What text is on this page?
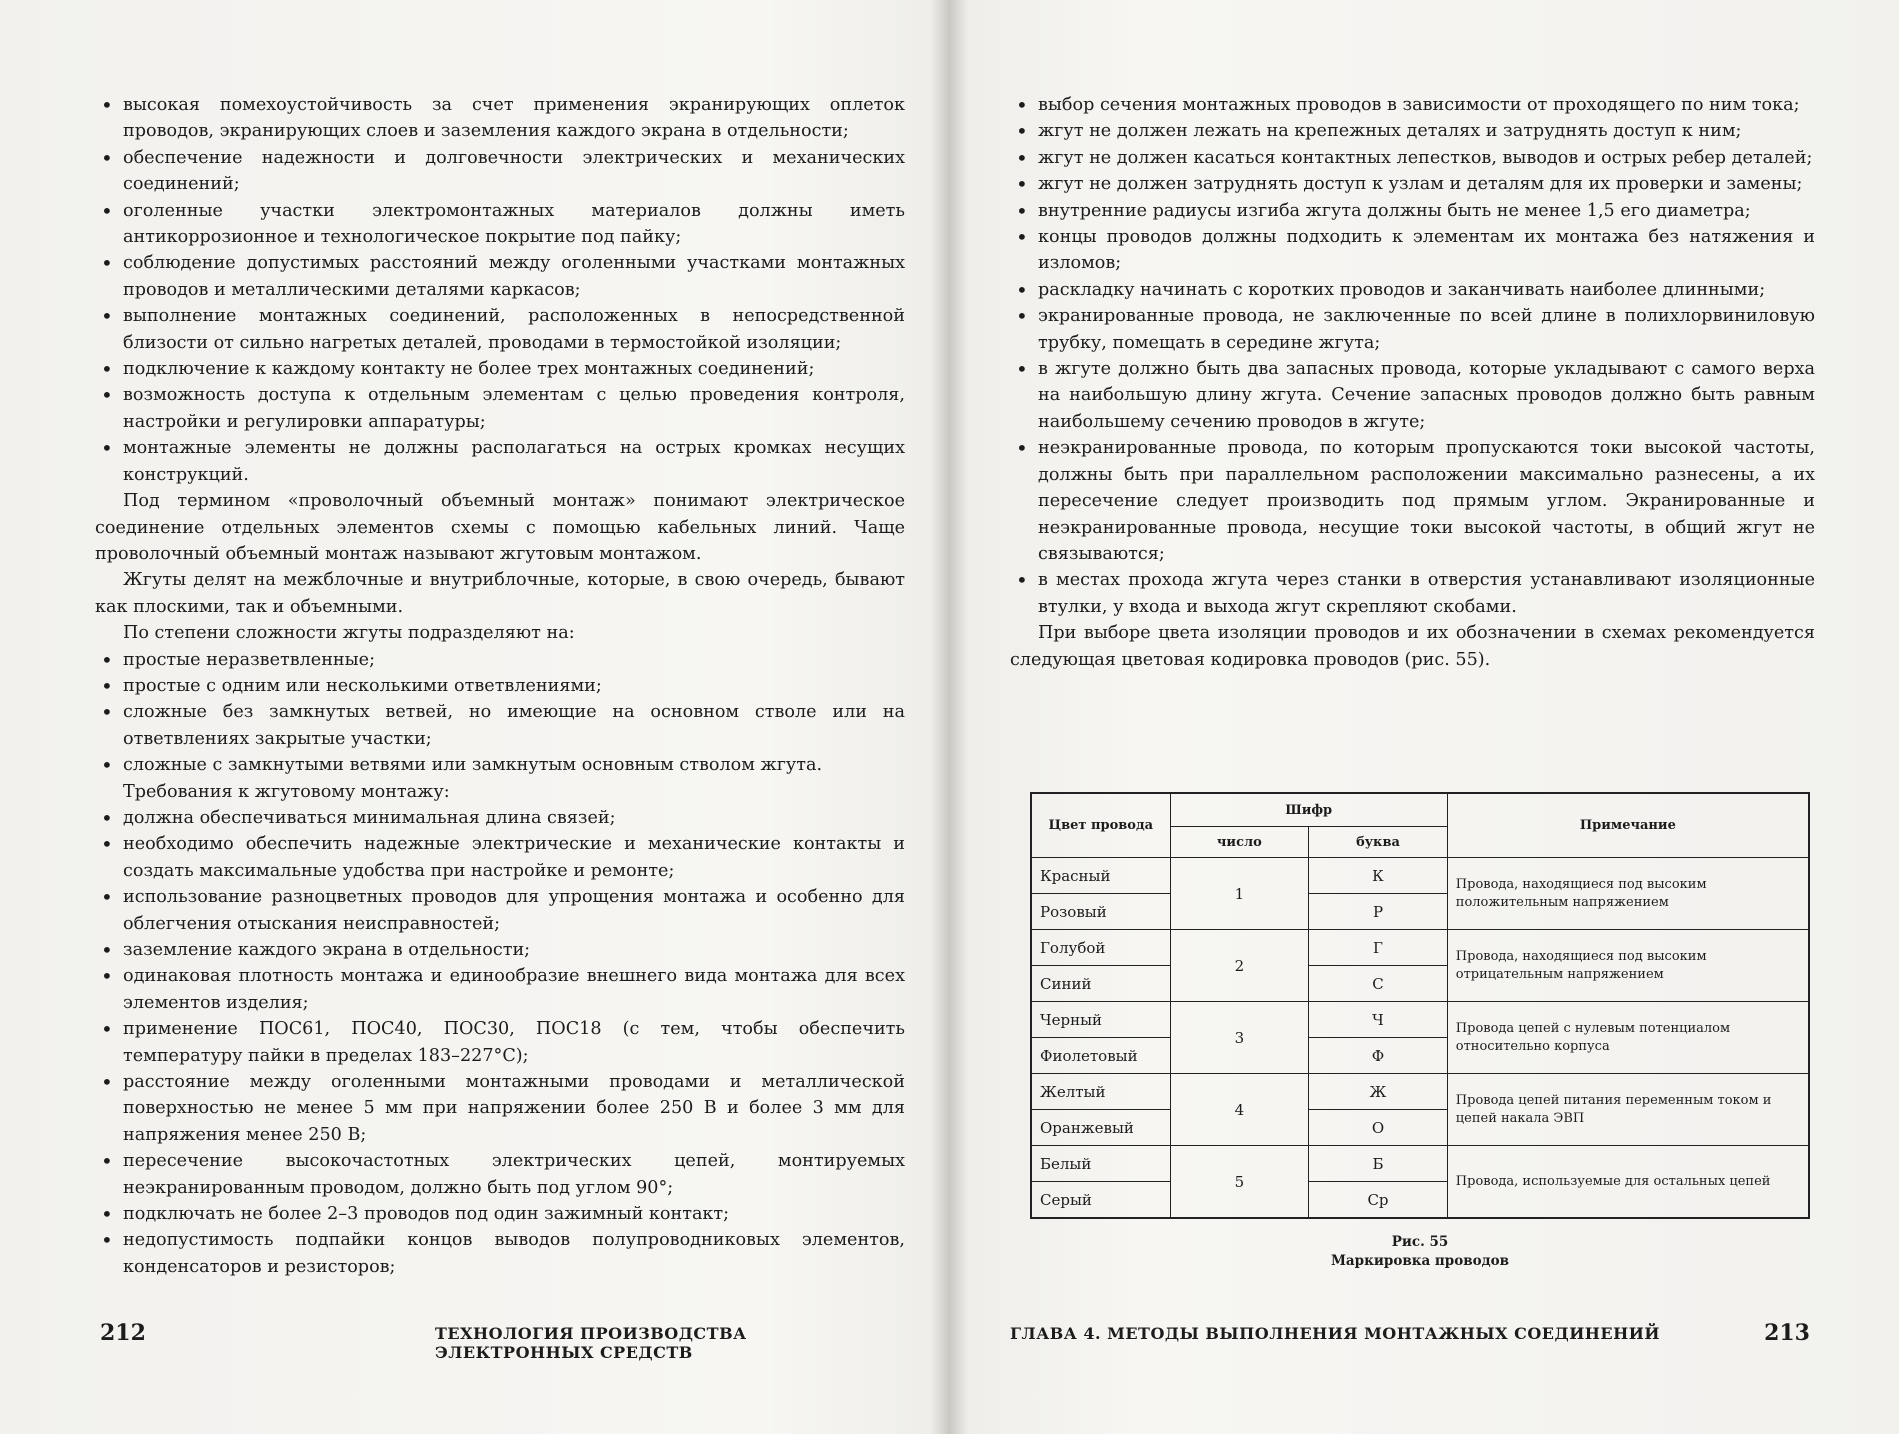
• высокая помехоустойчивость за счет применения экранирующих оплеток проводов, экранирующих слоев и заземления каждого экрана в отдельности;
• обеспечение надежности и долговечности электрических и механических соединений;
• оголенные участки электромонтажных материалов должны иметь антикоррозионное и технологическое покрытие под пайку;
• соблюдение допустимых расстояний между оголенными участками монтажных проводов и металлическими деталями каркасов;
• выполнение монтажных соединений, расположенных в непосредственной близости от сильно нагретых деталей, проводами в термостойкой изоляции;
• подключение к каждому контакту не более трех монтажных соединений;
• возможность доступа к отдельным элементам с целью проведения контроля, настройки и регулировки аппаратуры;
• монтажные элементы не должны располагаться на острых кромках несущих конструкций.
Под термином «проволочный объемный монтаж» понимают электрическое соединение отдельных элементов схемы с помощью кабельных линий. Чаще проволочный объемный монтаж называют жгутовым монтажом.
Жгуты делят на межблочные и внутриблочные, которые, в свою очередь, бывают как плоскими, так и объемными.
По степени сложности жгуты подразделяют на:
• простые неразветвленные;
• простые с одним или несколькими ответвлениями;
• сложные без замкнутых ветвей, но имеющие на основном стволе или на ответвлениях закрытые участки;
• сложные с замкнутыми ветвями или замкнутым основным стволом жгута.
Требования к жгутовому монтажу:
• должна обеспечиваться минимальная длина связей;
• необходимо обеспечить надежные электрические и механические контакты и создать максимальные удобства при настройке и ремонте;
• использование разноцветных проводов для упрощения монтажа и особенно для облегчения отыскания неисправностей;
• заземление каждого экрана в отдельности;
• одинаковая плотность монтажа и единообразие внешнего вида монтажа для всех элементов изделия;
• применение ПОС61, ПОС40, ПОС30, ПОС18 (с тем, чтобы обеспечить температуру пайки в пределах 183–227°С);
• расстояние между оголенными монтажными проводами и металлической поверхностью не менее 5 мм при напряжении более 250 В и более 3 мм для напряжения менее 250 В;
• пересечение высокочастотных электрических цепей, монтируемых неэкранированным проводом, должно быть под углом 90°;
• подключать не более 2–3 проводов под один зажимный контакт;
• недопустимость подпайки концов выводов полупроводниковых элементов, конденсаторов и резисторов;
212	ТЕХНОЛОГИЯ ПРОИЗВОДСТВА ЭЛЕКТРОННЫХ СРЕДСТВ
• выбор сечения монтажных проводов в зависимости от проходящего по ним тока;
• жгут не должен лежать на крепежных деталях и затруднять доступ к ним;
• жгут не должен касаться контактных лепестков, выводов и острых ребер деталей;
• жгут не должен затруднять доступ к узлам и деталям для их проверки и замены;
• внутренние радиусы изгиба жгута должны быть не менее 1,5 его диаметра;
• концы проводов должны подходить к элементам их монтажа без натяжения и изломов;
• раскладку начинать с коротких проводов и заканчивать наиболее длинными;
• экранированные провода, не заключенные по всей длине в полихлорвиниловую трубку, помещать в середине жгута;
• в жгуте должно быть два запасных провода, которые укладывают с самого верха на наибольшую длину жгута. Сечение запасных проводов должно быть равным наибольшему сечению проводов в жгуте;
• неэкранированные провода, по которым пропускаются токи высокой частоты, должны быть при параллельном расположении максимально разнесены, а их пересечение следует производить под прямым углом. Экранированные и неэкранированные провода, несущие токи высокой частоты, в общий жгут не связываются;
• в местах прохода жгута через станки в отверстия устанавливают изоляционные втулки, у входа и выхода жгут скрепляют скобами.
При выборе цвета изоляции проводов и их обозначении в схемах рекомендуется следующая цветовая кодировка проводов (рис. 55).
Цвет провода	Шифр		Примечание
	число	буква	
Красный	1	К	Провода, находящиеся под высоким положительным напряжением
Розовый		Р	
Голубой	2	Г	Провода, находящиеся под высоким отрицательным напряжением
Синий		С	
Черный	3	Ч	Провода цепей с нулевым потенциалом относительно корпуса
Фиолетовый		Ф	
Желтый	4	Ж	Провода цепей питания переменным током и цепей накала ЭВП
Оранжевый		О	
Белый	5	Б	Провода, используемые для остальных цепей
Серый		Ср	
Рис. 55
Маркировка проводов
ГЛАВА 4. МЕТОДЫ ВЫПОЛНЕНИЯ МОНТАЖНЫХ СОЕДИНЕНИЙ	213
